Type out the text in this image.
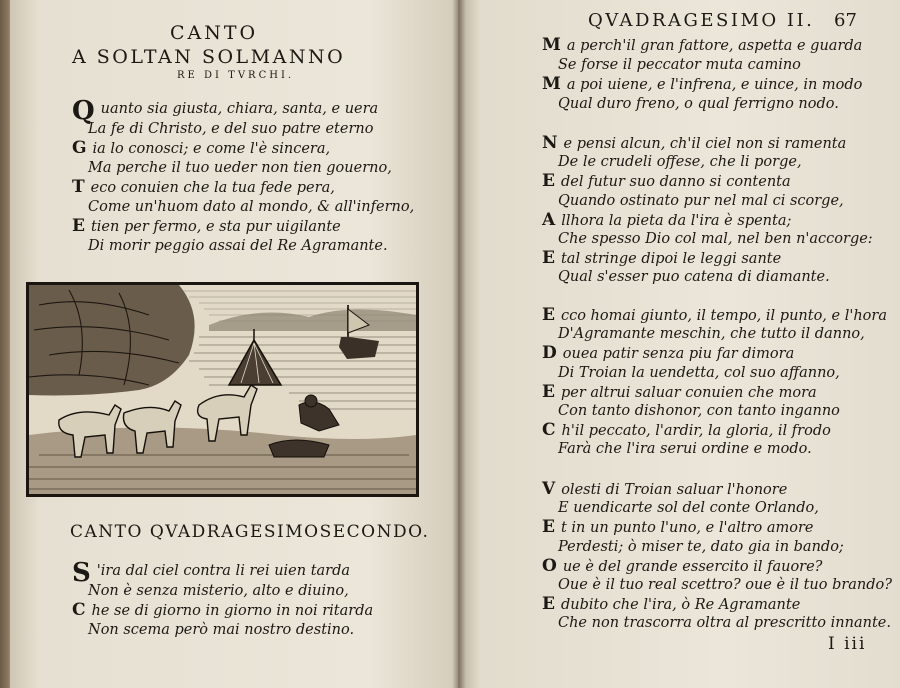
CANTO
A SOLTAN SOLMANNO
RE DI TVRCHI.
Quanto sia giusta, chiara, santa, e uera
La fe di Christo, e del suo patre eterno
G ia lo conosci; e come l'è sincera,
Ma perche il tuo ueder non tien gouerno,
T eco conuien che la tua fede pera,
Come un'huom dato al mondo, & all'inferno,
E tien per fermo, e sta pur uigilante
Di morir peggio assai del Re Agramante.
CANTO QVADRAGESIMOSECONDO.
S 'ira dal ciel contra li rei uien tarda
Non è senza misterio, alto e diuino,
C he se di giorno in giorno in noi ritarda
Non scema però mai nostro destino.
QVADRAGESIMO II. 67
M a perch'il gran fattore, aspetta e guarda
Se forse il peccator muta camino
M a poi uiene, e l'infrena, e uince, in modo
Qual duro freno, o qual ferrigno nodo.
N e pensi alcun, ch'il ciel non si ramenta
De le crudeli offese, che li porge,
E del futur suo danno si contenta
Quando ostinato pur nel mal ci scorge,
A llhora la pieta da l'ira è spenta;
Che spesso Dio col mal, nel ben n'accorge:
E tal stringe dipoi le leggi sante
Qual s'esser puo catena di diamante.
E cco homai giunto, il tempo, il punto, e l'hora
D'Agramante meschin, che tutto il danno,
D ouea patir senza piu far dimora
Di Troian la uendetta, col suo affanno,
E per altrui saluar conuien che mora
Con tanto dishonor, con tanto inganno
C h'il peccato, l'ardir, la gloria, il frodo
Farà che l'ira serui ordine e modo.
V olesti di Troian saluar l'honore
E uendicarte sol del conte Orlando,
E t in un punto l'uno, e l'altro amore
Perdesti; ò miser te, dato gia in bando;
O ue è del grande essercito il fauore?
Oue è il tuo real scettro? oue è il tuo brando?
E dubito che l'ira, ò Re Agramante
Che non trascorra oltra al prescritto innante.
I iii
